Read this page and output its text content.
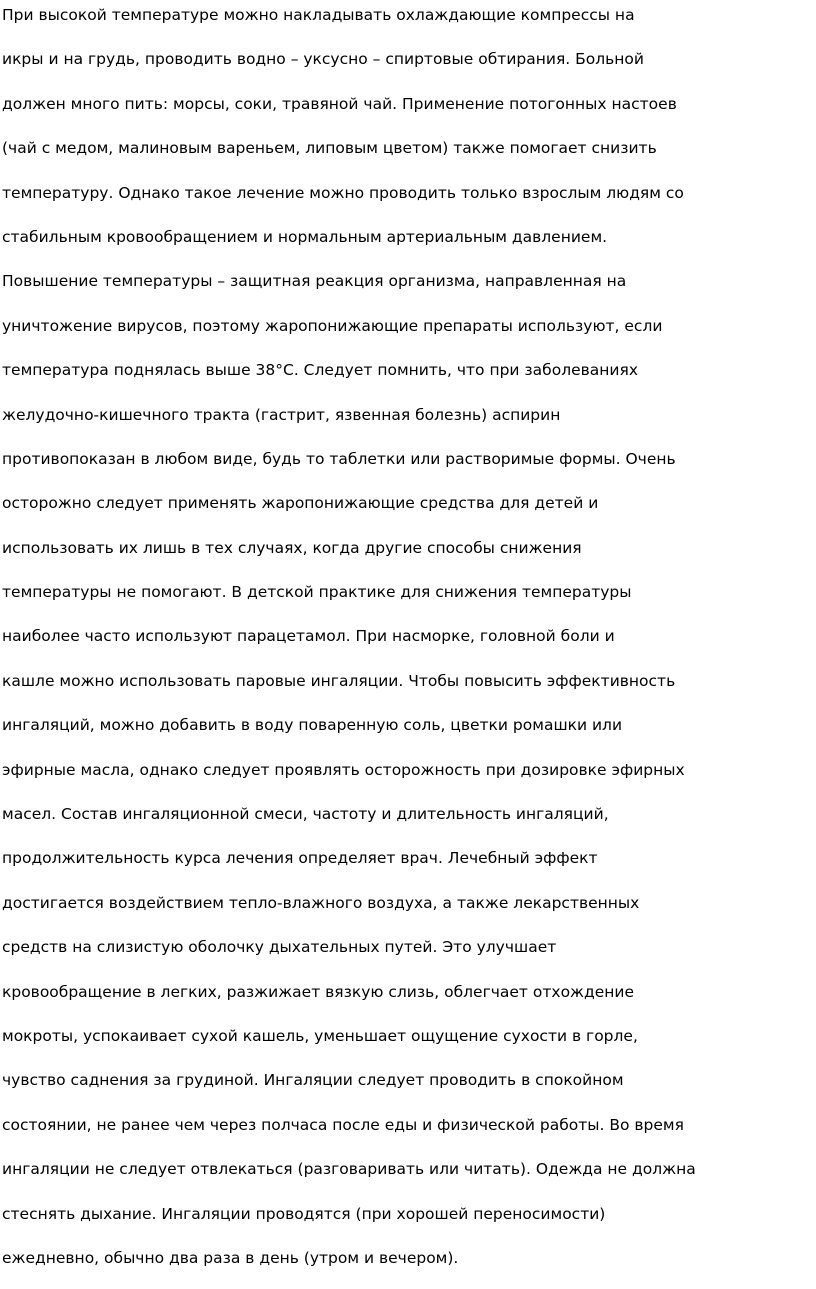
При высокой температуре можно накладывать охлаждающие компрессы на
икры и на грудь, проводить водно – уксусно – спиртовые обтирания. Больной
должен много пить: морсы, соки, травяной чай. Применение потогонных настоев
(чай с медом, малиновым вареньем, липовым цветом) также помогает снизить
температуру. Однако такое лечение можно проводить только взрослым людям со
стабильным кровообращением и нормальным артериальным давлением.
Повышение температуры – защитная реакция организма, направленная на
уничтожение вирусов, поэтому жаропонижающие препараты используют, если
температура поднялась выше 38°С. Следует помнить, что при заболеваниях
желудочно-кишечного тракта (гастрит, язвенная болезнь) аспирин
противопоказан в любом виде, будь то таблетки или растворимые формы. Очень
осторожно следует применять жаропонижающие средства для детей и
использовать их лишь в тех случаях, когда другие способы снижения
температуры не помогают. В детской практике для снижения температуры
наиболее часто используют парацетамол. При насморке, головной боли и
кашле можно использовать паровые ингаляции. Чтобы повысить эффективность
ингаляций, можно добавить в воду поваренную соль, цветки ромашки или
эфирные масла, однако следует проявлять осторожность при дозировке эфирных
масел. Состав ингаляционной смеси, частоту и длительность ингаляций,
продолжительность курса лечения определяет врач. Лечебный эффект
достигается воздействием тепло-влажного воздуха, а также лекарственных
средств на слизистую оболочку дыхательных путей. Это улучшает
кровообращение в легких, разжижает вязкую слизь, облегчает отхождение
мокроты, успокаивает сухой кашель, уменьшает ощущение сухости в горле,
чувство саднения за грудиной. Ингаляции следует проводить в спокойном
состоянии, не ранее чем через полчаса после еды и физической работы. Во время
ингаляции не следует отвлекаться (разговаривать или читать). Одежда не должна
стеснять дыхание. Ингаляции проводятся (при хорошей переносимости)
ежедневно, обычно два раза в день (утром и вечером).
